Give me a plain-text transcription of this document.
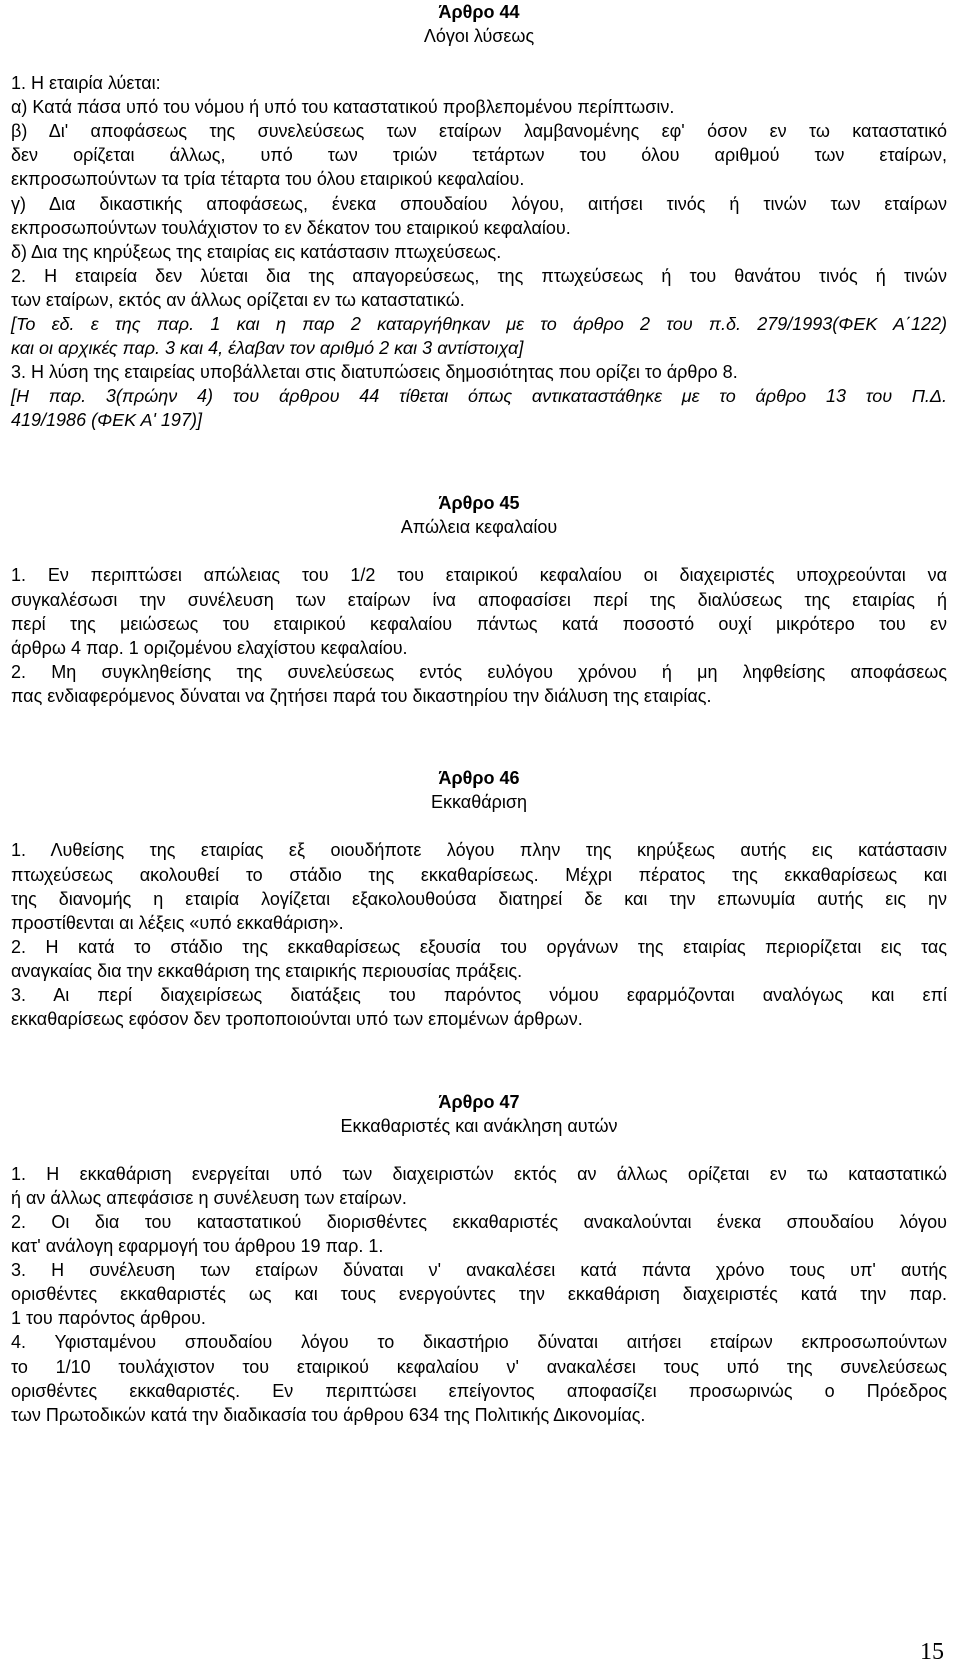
Άρθρο 44
Λόγοι λύσεως
1. Η εταιρία λύεται:
α) Κατά πάσα υπό του νόμου ή υπό του καταστατικού προβλεπομένου περίπτωσιν.
β) Δι' αποφάσεως της συνελεύσεως των εταίρων λαμβανομένης εφ' όσον εν τω καταστατικό
δεν ορίζεται άλλως, υπό των τριών τετάρτων του όλου αριθμού των εταίρων,
εκπροσωπούντων τα τρία τέταρτα του όλου εταιρικού κεφαλαίου.
γ) Δια δικαστικής αποφάσεως, ένεκα σπουδαίου λόγου, αιτήσει τινός ή τινών των εταίρων
εκπροσωπούντων τουλάχιστον το εν δέκατον του εταιρικού κεφαλαίου.
δ) Δια της κηρύξεως της εταιρίας εις κατάστασιν πτωχεύσεως.
2. Η εταιρεία δεν λύεται δια της απαγορεύσεως, της πτωχεύσεως ή του θανάτου τινός ή τινών
των εταίρων, εκτός αν άλλως ορίζεται εν τω καταστατικώ.
[Το εδ. ε της παρ. 1 και η παρ 2 καταργήθηκαν με το άρθρο 2 του π.δ. 279/1993(ΦΕΚ Α΄122)
και οι αρχικές παρ. 3 και 4, έλαβαν τον αριθμό 2 και 3 αντίστοιχα]
3. Η λύση της εταιρείας υποβάλλεται στις διατυπώσεις δημοσιότητας που ορίζει το άρθρο 8.
[Η παρ. 3(πρώην 4) του άρθρου 44 τίθεται όπως αντικαταστάθηκε με το άρθρο 13 του Π.Δ.
419/1986 (ΦΕΚ Α' 197)]
Άρθρο 45
Απώλεια κεφαλαίου
1. Εν περιπτώσει απώλειας του 1/2 του εταιρικού κεφαλαίου οι διαχειριστές υποχρεούνται να
συγκαλέσωσι την συνέλευση των εταίρων ίνα αποφασίσει περί της διαλύσεως της εταιρίας ή
περί της μειώσεως του εταιρικού κεφαλαίου πάντως κατά ποσοστό ουχί μικρότερο του εν
άρθρω 4 παρ. 1 οριζομένου ελαχίστου κεφαλαίου.
2. Μη συγκληθείσης της συνελεύσεως εντός ευλόγου χρόνου ή μη ληφθείσης αποφάσεως
πας ενδιαφερόμενος δύναται να ζητήσει παρά του δικαστηρίου την διάλυση της εταιρίας.
Άρθρο 46
Εκκαθάριση
1. Λυθείσης της εταιρίας εξ οιουδήποτε λόγου πλην της κηρύξεως αυτής εις κατάστασιν
πτωχεύσεως ακολουθεί το στάδιο της εκκαθαρίσεως. Μέχρι πέρατος της εκκαθαρίσεως και
της διανομής η εταιρία λογίζεται εξακολουθούσα διατηρεί δε και την επωνυμία αυτής εις ην
προστίθενται αι λέξεις «υπό εκκαθάριση».
2. Η κατά το στάδιο της εκκαθαρίσεως εξουσία του οργάνων της εταιρίας περιορίζεται εις τας
αναγκαίας δια την εκκαθάριση της εταιρικής περιουσίας πράξεις.
3. Αι περί διαχειρίσεως διατάξεις του παρόντος νόμου εφαρμόζονται αναλόγως και επί
εκκαθαρίσεως εφόσον δεν τροποποιούνται υπό των επομένων άρθρων.
Άρθρο 47
Εκκαθαριστές και ανάκληση αυτών
1. Η εκκαθάριση ενεργείται υπό των διαχειριστών εκτός αν άλλως ορίζεται εν τω καταστατικώ
ή αν άλλως απεφάσισε η συνέλευση των εταίρων.
2. Οι δια του καταστατικού διορισθέντες εκκαθαριστές ανακαλούνται ένεκα σπουδαίου λόγου
κατ' ανάλογη εφαρμογή του άρθρου 19 παρ. 1.
3. Η συνέλευση των εταίρων δύναται ν' ανακαλέσει κατά πάντα χρόνο τους υπ' αυτής
ορισθέντες εκκαθαριστές ως και τους ενεργούντες την εκκαθάριση διαχειριστές κατά την παρ.
1 του παρόντος άρθρου.
4. Υφισταμένου σπουδαίου λόγου το δικαστήριο δύναται αιτήσει εταίρων εκπροσωπούντων
το 1/10 τουλάχιστον του εταιρικού κεφαλαίου ν' ανακαλέσει τους υπό της συνελεύσεως
ορισθέντες εκκαθαριστές. Εν περιπτώσει επείγοντος αποφασίζει προσωρινώς ο Πρόεδρος
των Πρωτοδικών κατά την διαδικασία του άρθρου 634 της Πολιτικής Δικονομίας.
15
